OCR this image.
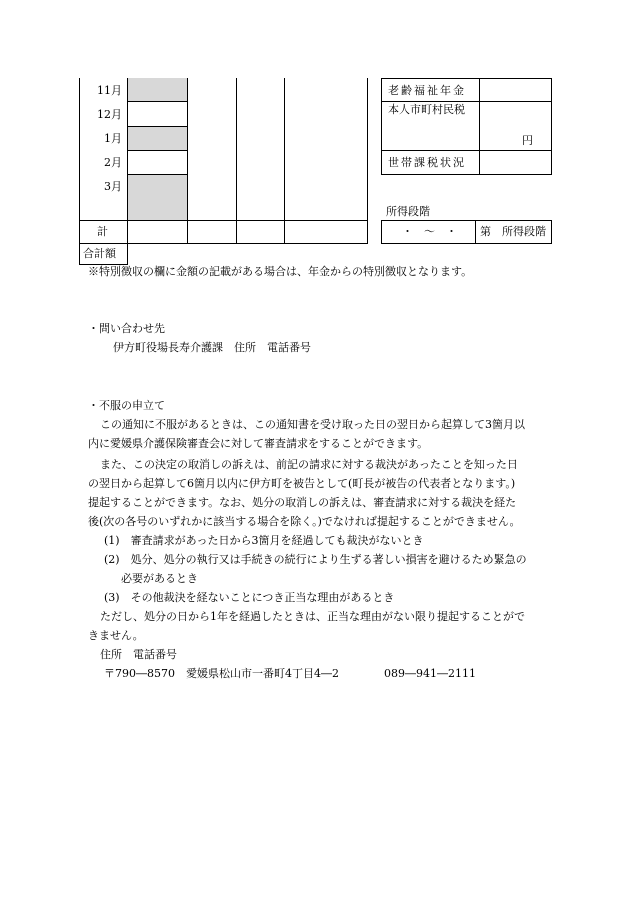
11月
12月
1月
2月
3月
計
合計額
老齢福祉年金
本人市町村民税
円
世帯課税状況
所得段階
・　～　・ 第　所得段階

※特別徴収の欄に金額の記載がある場合は、年金からの特別徴収となります。

・問い合わせ先

伊方町役場長寿介護課　住所　電話番号

・不服の申立て

この通知に不服があるときは、この通知書を受け取った日の翌日から起算して3箇月以

内に愛媛県介護保険審査会に対して審査請求をすることができます。

また、この決定の取消しの訴えは、前記の請求に対する裁決があったことを知った日

の翌日から起算して6箇月以内に伊方町を被告として(町長が被告の代表者となります。)

提起することができます。なお、処分の取消しの訴えは、審査請求に対する裁決を経た

後(次の各号のいずれかに該当する場合を除く。)でなければ提起することができません。

(1)　審査請求があった日から3箇月を経過しても裁決がないとき

(2)　処分、処分の執行又は手続きの続行により生ずる著しい損害を避けるため緊急の

必要があるとき

(3)　その他裁決を経ないことにつき正当な理由があるとき

ただし、処分の日から1年を経過したときは、正当な理由がない限り提起することがで

きません。

住所　電話番号

〒790―8570　愛媛県松山市一番町4丁目4―2	089―941―2111
